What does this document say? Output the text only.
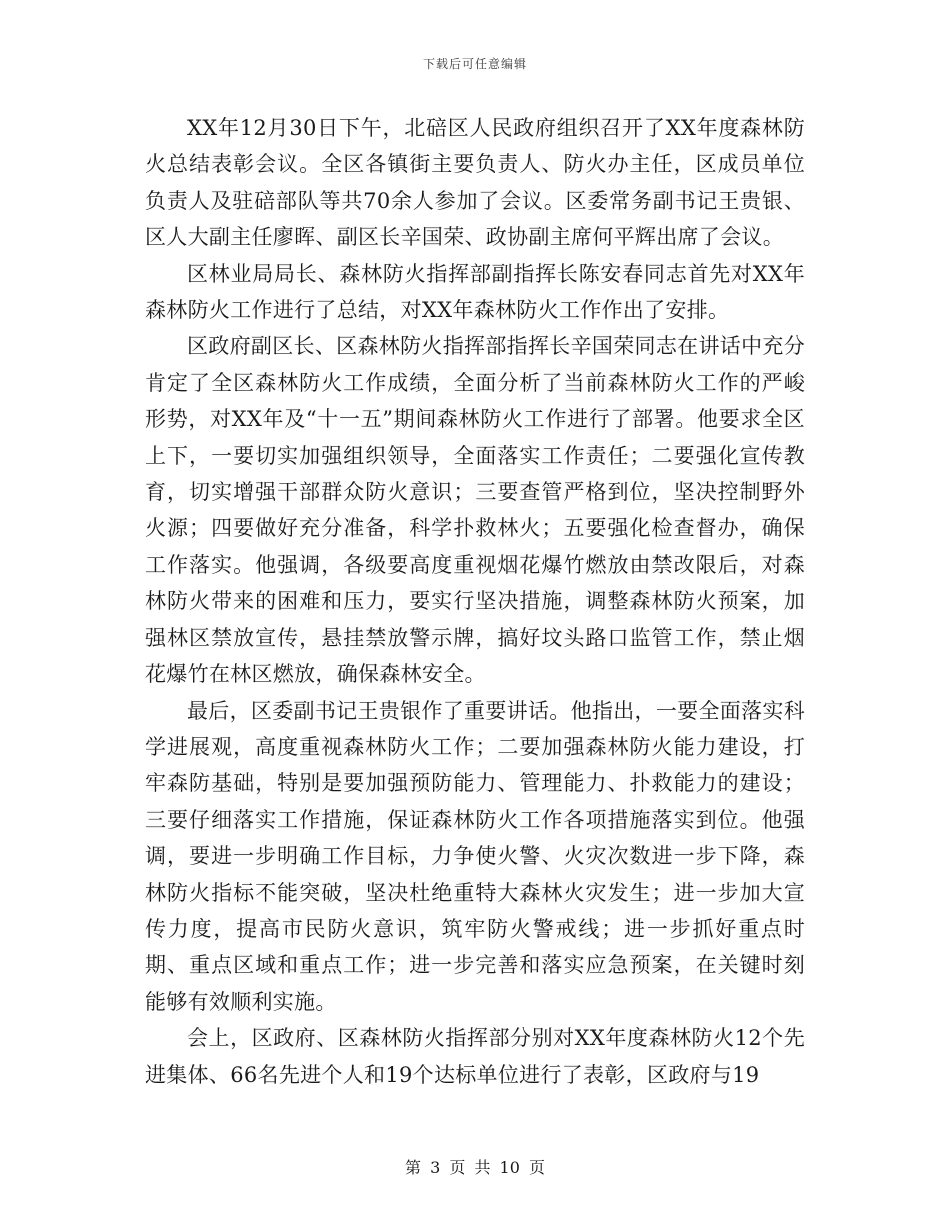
下载后可任意编辑

XX年12月30日下午，北碚区人民政府组织召开了XX年度森林防火总结表彰会议。全区各镇街主要负责人、防火办主任，区成员单位负责人及驻碚部队等共70余人参加了会议。区委常务副书记王贵银、区人大副主任廖晖、副区长辛国荣、政协副主席何平辉出席了会议。

区林业局局长、森林防火指挥部副指挥长陈安春同志首先对XX年森林防火工作进行了总结，对XX年森林防火工作作出了安排。

区政府副区长、区森林防火指挥部指挥长辛国荣同志在讲话中充分肯定了全区森林防火工作成绩，全面分析了当前森林防火工作的严峻形势，对XX年及“十一五”期间森林防火工作进行了部署。他要求全区上下，一要切实加强组织领导，全面落实工作责任；二要强化宣传教育，切实增强干部群众防火意识；三要查管严格到位，坚决控制野外火源；四要做好充分准备，科学扑救林火；五要强化检查督办，确保工作落实。他强调，各级要高度重视烟花爆竹燃放由禁改限后，对森林防火带来的困难和压力，要实行坚决措施，调整森林防火预案，加强林区禁放宣传，悬挂禁放警示牌，搞好坟头路口监管工作，禁止烟花爆竹在林区燃放，确保森林安全。

最后，区委副书记王贵银作了重要讲话。他指出，一要全面落实科学进展观，高度重视森林防火工作；二要加强森林防火能力建设，打牢森防基础，特别是要加强预防能力、管理能力、扑救能力的建设；三要仔细落实工作措施，保证森林防火工作各项措施落实到位。他强调，要进一步明确工作目标，力争使火警、火灾次数进一步下降，森林防火指标不能突破，坚决杜绝重特大森林火灾发生；进一步加大宣传力度，提高市民防火意识，筑牢防火警戒线；进一步抓好重点时期、重点区域和重点工作；进一步完善和落实应急预案，在关键时刻能够有效顺利实施。

会上，区政府、区森林防火指挥部分别对XX年度森林防火12个先进集体、66名先进个人和19个达标单位进行了表彰，区政府与19

第 3 页 共 10 页
